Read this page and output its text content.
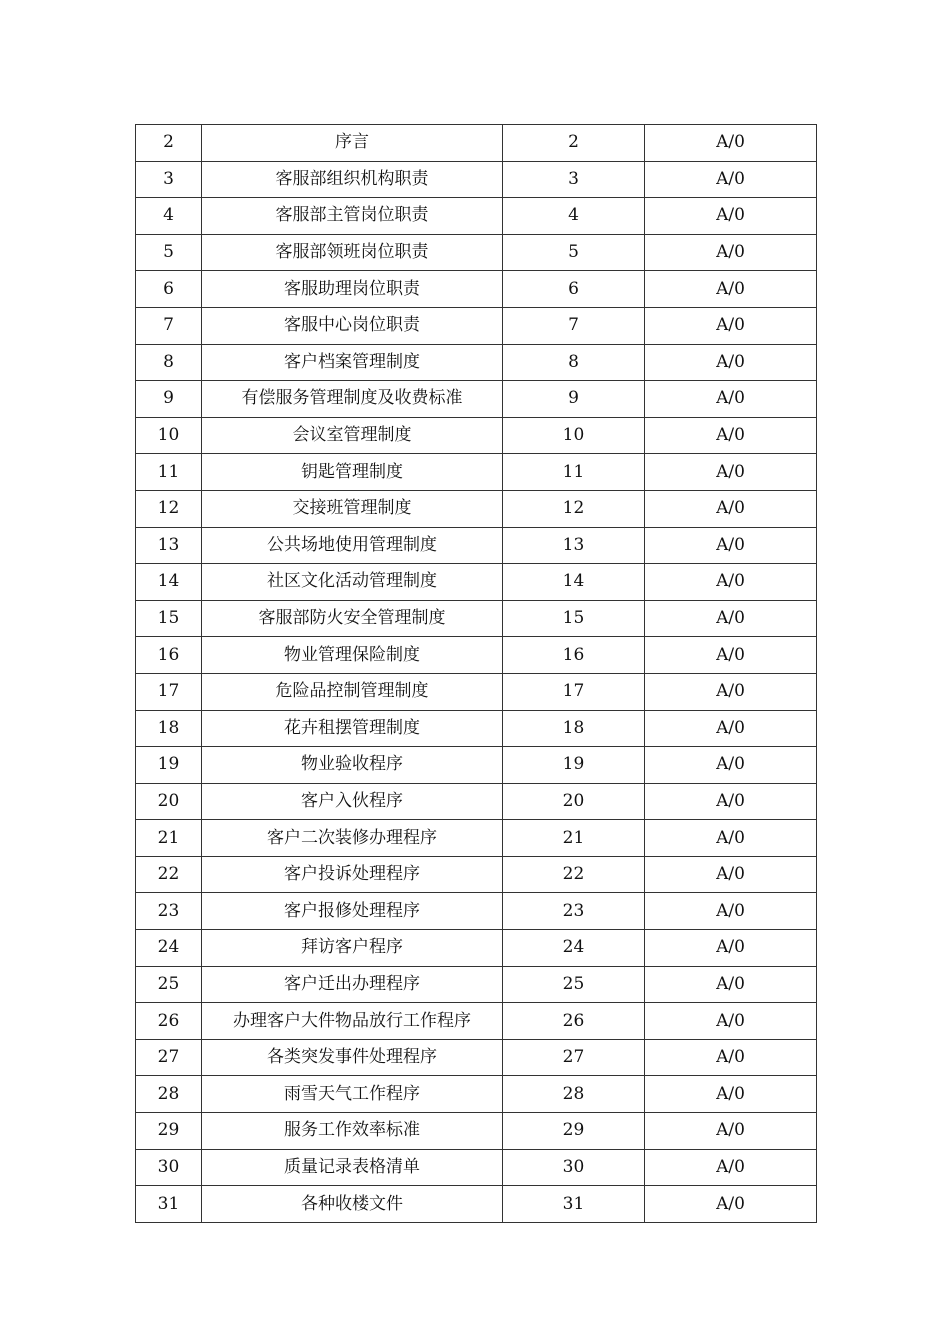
2	序言	2	A/0
3	客服部组织机构职责	3	A/0
4	客服部主管岗位职责	4	A/0
5	客服部领班岗位职责	5	A/0
6	客服助理岗位职责	6	A/0
7	客服中心岗位职责	7	A/0
8	客户档案管理制度	8	A/0
9	有偿服务管理制度及收费标准	9	A/0
10	会议室管理制度	10	A/0
11	钥匙管理制度	11	A/0
12	交接班管理制度	12	A/0
13	公共场地使用管理制度	13	A/0
14	社区文化活动管理制度	14	A/0
15	客服部防火安全管理制度	15	A/0
16	物业管理保险制度	16	A/0
17	危险品控制管理制度	17	A/0
18	花卉租摆管理制度	18	A/0
19	物业验收程序	19	A/0
20	客户入伙程序	20	A/0
21	客户二次装修办理程序	21	A/0
22	客户投诉处理程序	22	A/0
23	客户报修处理程序	23	A/0
24	拜访客户程序	24	A/0
25	客户迁出办理程序	25	A/0
26	办理客户大件物品放行工作程序	26	A/0
27	各类突发事件处理程序	27	A/0
28	雨雪天气工作程序	28	A/0
29	服务工作效率标准	29	A/0
30	质量记录表格清单	30	A/0
31	各种收楼文件	31	A/0
